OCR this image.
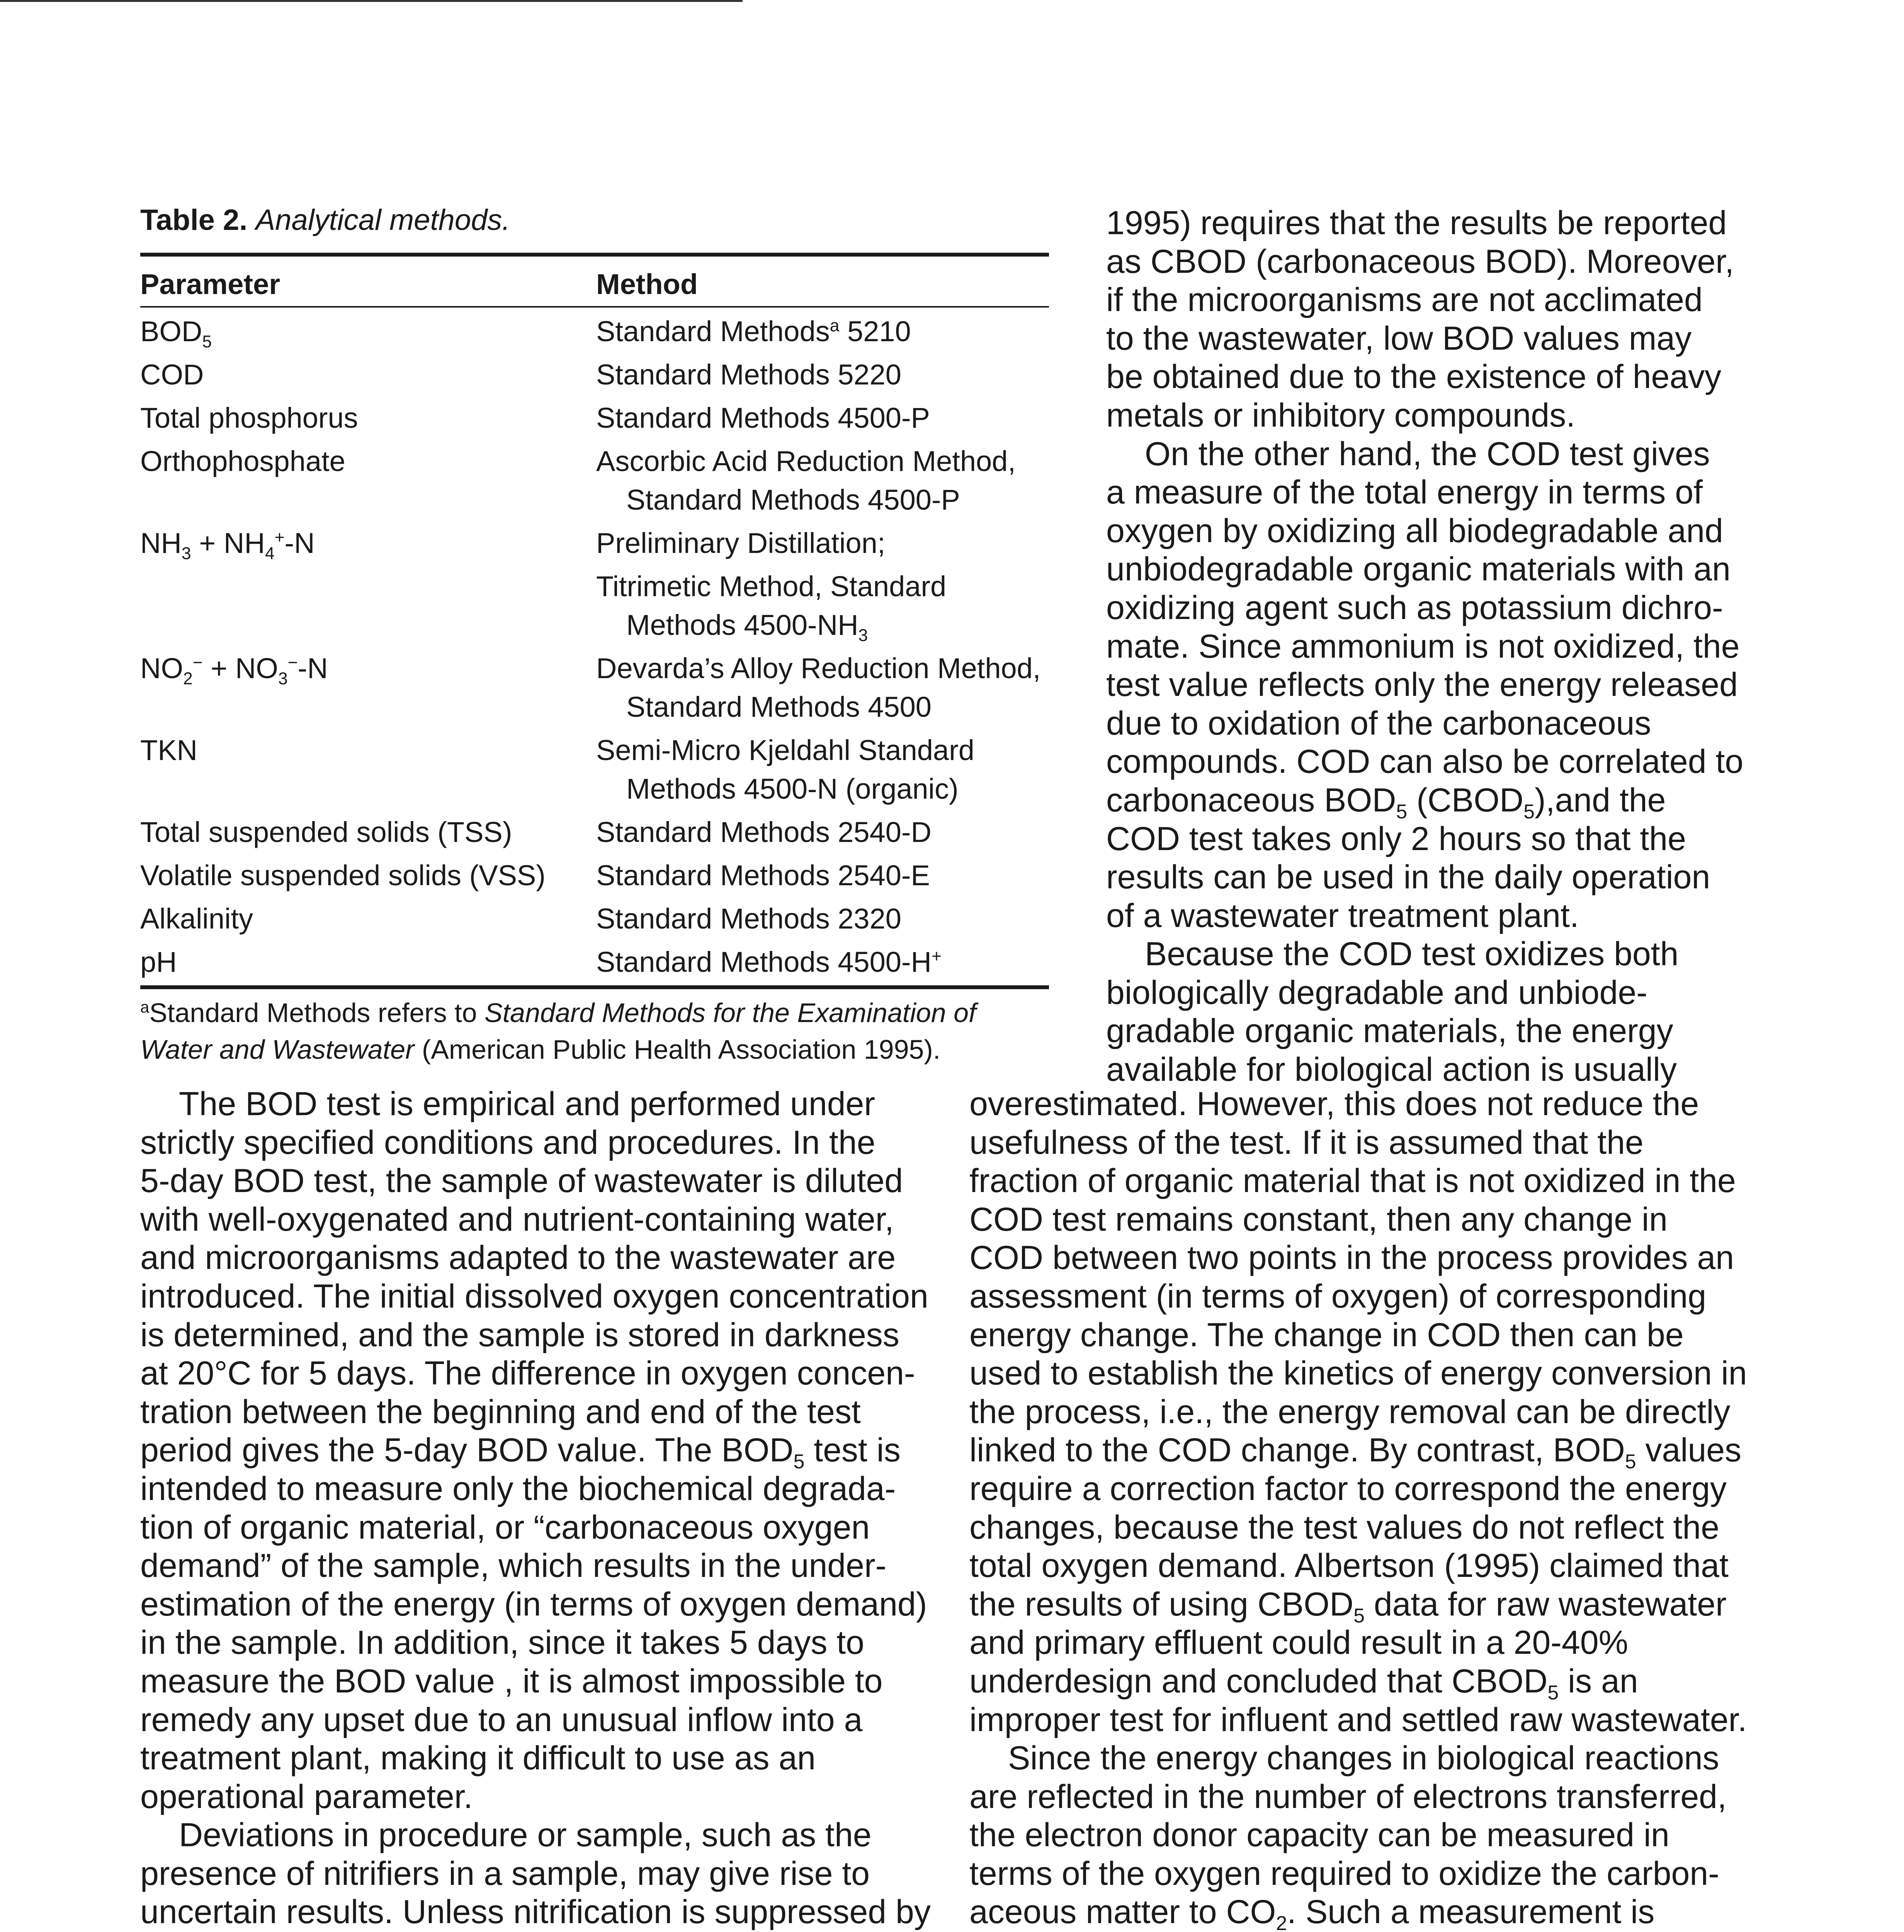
Table 2. Analytical methods.
Parameter	Method

$BOD_5$	Standard Methods$^a$ 5210
COD	Standard Methods 5220
Total phosphorus	Standard Methods 4500-P
Orthophosphate	Ascorbic Acid Reduction Method,
Standard Methods 4500-P

$NH_3 + NH_4^+-N$	Preliminary Distillation;
	Titrimetic Method, Standard
Methods $4500-NH_3$

$NO_2^- + NO_3^--N$	Devarda’s Alloy Reduction Method,
Standard Methods 4500

TKN	Semi-Micro Kjeldahl Standard
Methods 4500-N (organic)

Total suspended solids (TSS)	Standard Methods 2540-D
Volatile suspended solids (VSS)	Standard Methods 2540-E
Alkalinity	Standard Methods 2320
pH	Standard Methods 4500-H+
$^a$Standard Methods refers to Standard Methods for the Examination of
Water and Wastewater (American Public Health Association 1995).

1995) requires that the results be reported

as CBOD (carbonaceous BOD). Moreover,

if the microorganisms are not acclimated

to the wastewater, low BOD values may

be obtained due to the existence of heavy

metals or inhibitory compounds.

On the other hand, the COD test gives

a measure of the total energy in terms of

oxygen by oxidizing all biodegradable and

unbiodegradable organic materials with an

oxidizing agent such as potassium dichro-

mate. Since ammonium is not oxidized, the

test value reflects only the energy released

due to oxidation of the carbonaceous

compounds. COD can also be correlated to

carbonaceous $BOD_5$ $(CBOD_5),and$ the

COD test takes only 2 hours so that the

results can be used in the daily operation

of a wastewater treatment plant.

Because the COD test oxidizes both

biologically degradable and unbiode-

gradable organic materials, the energy

available for biological action is usually

The BOD test is empirical and performed under

strictly specified conditions and procedures. In the

5-day BOD test, the sample of wastewater is diluted

with well-oxygenated and nutrient-containing water,

and microorganisms adapted to the wastewater are

introduced. The initial dissolved oxygen concentration

is determined, and the sample is stored in darkness

at 20°C for 5 days. The difference in oxygen concen-

tration between the beginning and end of the test

period gives the 5-day BOD value. The $BOD_5$ test is

intended to measure only the biochemical degrada-

tion of organic material, or “carbonaceous oxygen

demand” of the sample, which results in the under-

estimation of the energy (in terms of oxygen demand)

in the sample. In addition, since it takes 5 days to

measure the BOD value , it is almost impossible to

remedy any upset due to an unusual inflow into a

treatment plant, making it difficult to use as an

operational parameter.

Deviations in procedure or sample, such as the

presence of nitrifiers in a sample, may give rise to

uncertain results. Unless nitrification is suppressed by

overestimated. However, this does not reduce the

usefulness of the test. If it is assumed that the

fraction of organic material that is not oxidized in the

COD test remains constant, then any change in

COD between two points in the process provides an

assessment (in terms of oxygen) of corresponding

energy change. The change in COD then can be

used to establish the kinetics of energy conversion in

the process, i.e., the energy removal can be directly

linked to the COD change. By contrast, $BOD_5$ values

require a correction factor to correspond the energy

changes, because the test values do not reflect the

total oxygen demand. Albertson (1995) claimed that

the results of using $CBOD_5$ data for raw wastewater

and primary effluent could result in a 20-40%

underdesign and concluded that $CBOD_5$ is an

improper test for influent and settled raw wastewater.

Since the energy changes in biological reactions

are reflected in the number of electrons transferred,

the electron donor capacity can be measured in

terms of the oxygen required to oxidize the carbon-

aceous matter to $CO_2$. Such a measurement is
